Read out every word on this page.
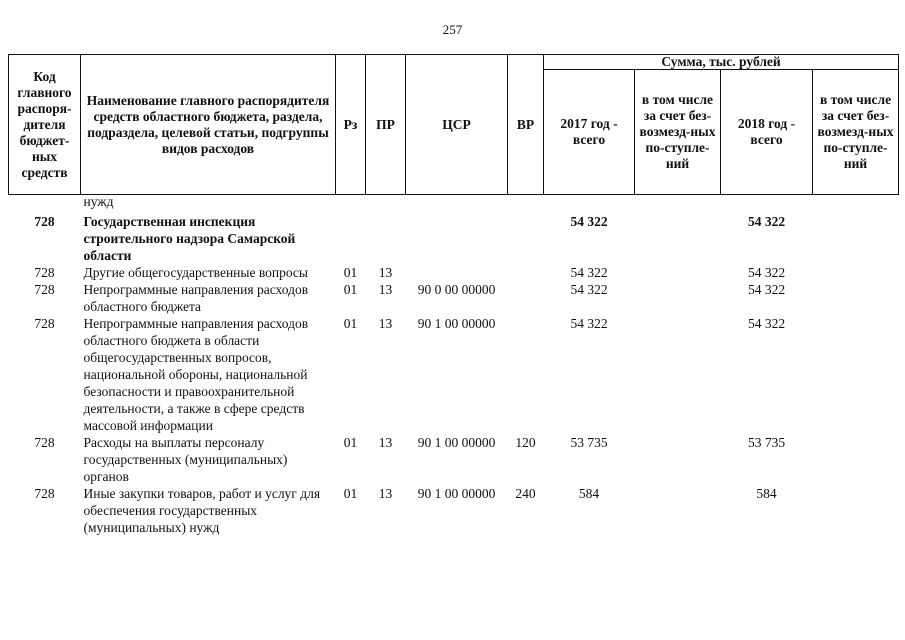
257
Код главного распоря-дителя бюджет-ных средств	Наименование главного распорядителя средств областного бюджета, раздела, подраздела, целевой статьи, подгруппы видов расходов	Рз	ПР	ЦСР	ВР	Сумма, тыс. рублей			
						2017 год - всего	в том числе за счет без-возмезд-ных по-ступле-ний	2018 год - всего	в том числе за счет без-возмезд-ных по-ступле-ний
	нужд								
728	Государственная инспекция строительного надзора Самарской области					54 322		54 322	
728	Другие общегосударственные вопросы	01	13			54 322		54 322	
728	Непрограммные направления расходов областного бюджета	01	13	90 0 00 00000		54 322		54 322	
728	Непрограммные направления расходов областного бюджета в области общегосударственных вопросов, национальной обороны, национальной безопасности и правоохранительной деятельности, а также в сфере средств массовой информации	01	13	90 1 00 00000		54 322		54 322	
728	Расходы на выплаты персоналу государственных (муниципальных) органов	01	13	90 1 00 00000	120	53 735		53 735	
728	Иные закупки товаров, работ и услуг для обеспечения государственных (муниципальных) нужд	01	13	90 1 00 00000	240	584		584	
